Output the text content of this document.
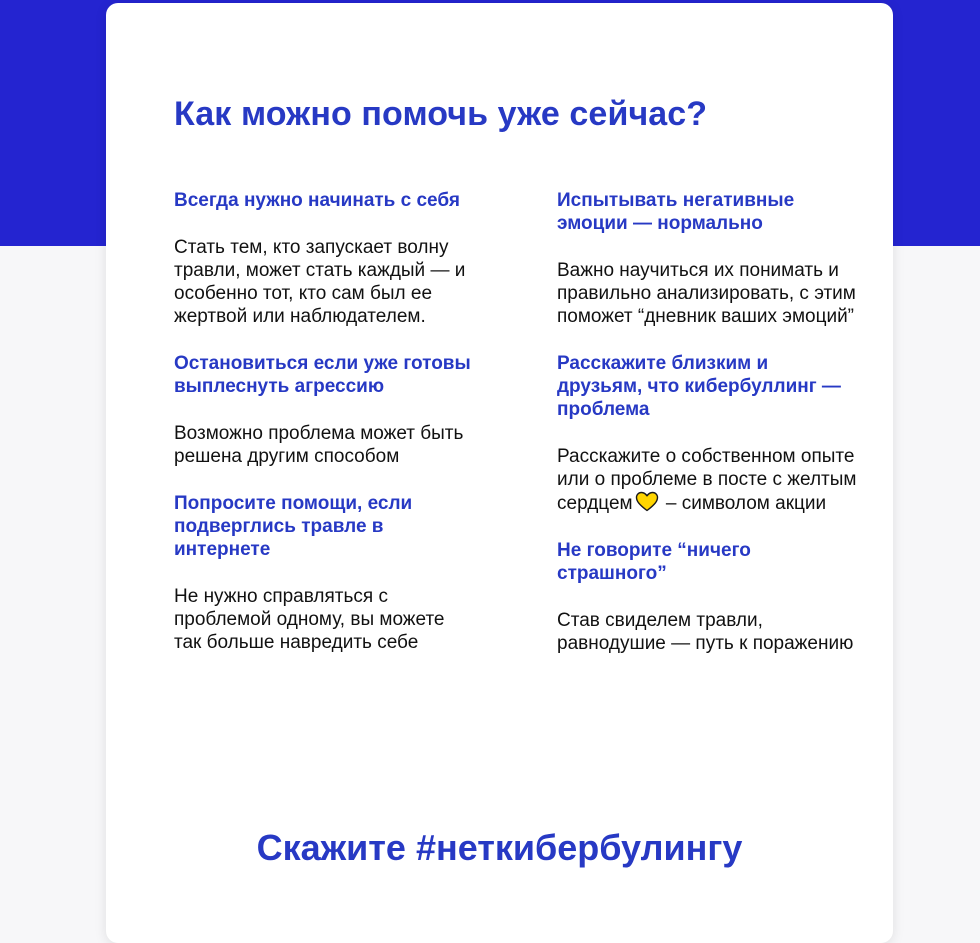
Как можно помочь уже сейчас?
Всегда нужно начинать с себя

Стать тем, кто запускает волну травли, может стать каждый — и особенно тот, кто сам был ее жертвой или наблюдателем.

Остановиться если уже готовы выплеснуть агрессию

Возможно проблема может быть решена другим способом

Попросите помощи, если подверглись травле в интернете

Не нужно справляться с проблемой одному, вы можете так больше навредить себе

Испытывать негативные эмоции — нормально

Важно научиться их понимать и правильно анализировать, с этим поможет “дневник ваших эмоций”

Расскажите близким и друзьям, что кибербуллинг — проблема

Расскажите о собственном опыте или о проблеме в посте с желтым сердцем – символом акции

Не говорите “ничего страшного”

Став свиделем травли, равнодушие — путь к поражению

Скажите #неткибербулингу
